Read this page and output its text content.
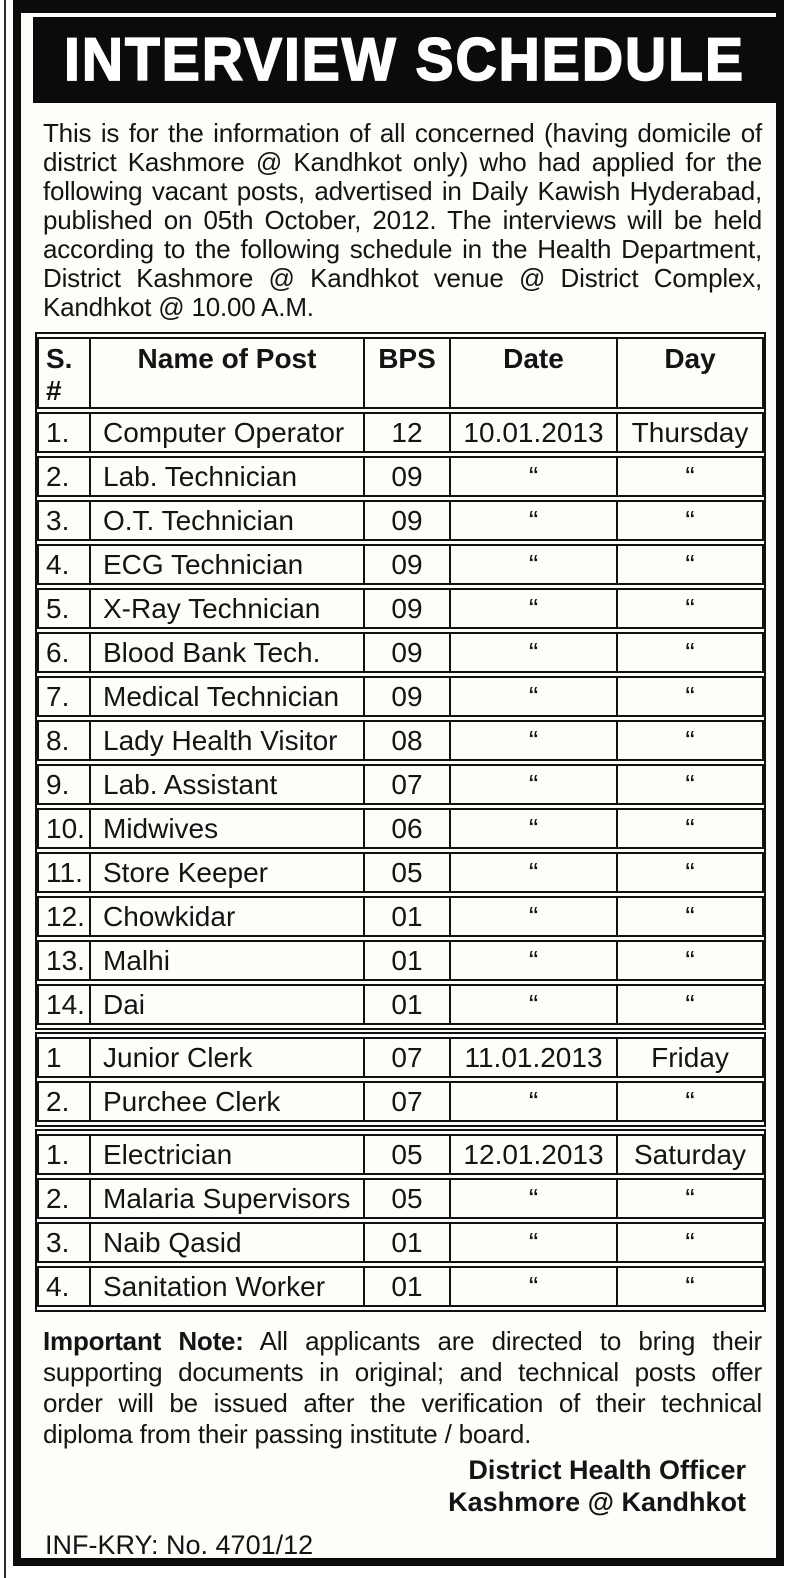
INTERVIEW SCHEDULE

This is for the information of all concerned (having domicile of district Kashmore @ Kandhkot only) who had applied for the following vacant posts, advertised in Daily Kawish Hyderabad, published on 05th October, 2012. The interviews will be held according to the following schedule in the Health Department, District Kashmore @ Kandhkot venue @ District Complex, Kandhkot @ 10.00 A.M.

S. #	Name of Post	BPS	Date	Day
1.	Computer Operator	12	10.01.2013	Thursday
2.	Lab. Technician	09	“	“
3.	O.T. Technician	09	“	“
4.	ECG Technician	09	“	“
5.	X-Ray Technician	09	“	“
6.	Blood Bank Tech.	09	“	“
7.	Medical Technician	09	“	“
8.	Lady Health Visitor	08	“	“
9.	Lab. Assistant	07	“	“
10.	Midwives	06	“	“
11.	Store Keeper	05	“	“
12.	Chowkidar	01	“	“
13.	Malhi	01	“	“
14.	Dai	01	“	“
1	Junior Clerk	07	11.01.2013	Friday
2.	Purchee Clerk	07	“	“
1.	Electrician	05	12.01.2013	Saturday
2.	Malaria Supervisors	05	“	“
3.	Naib Qasid	01	“	“
4.	Sanitation Worker	01	“	“

Important Note: All applicants are directed to bring their supporting documents in original; and technical posts offer order will be issued after the verification of their technical diploma from their passing institute / board.

District Health Officer
Kashmore @ Kandhkot
INF-KRY: No. 4701/12
